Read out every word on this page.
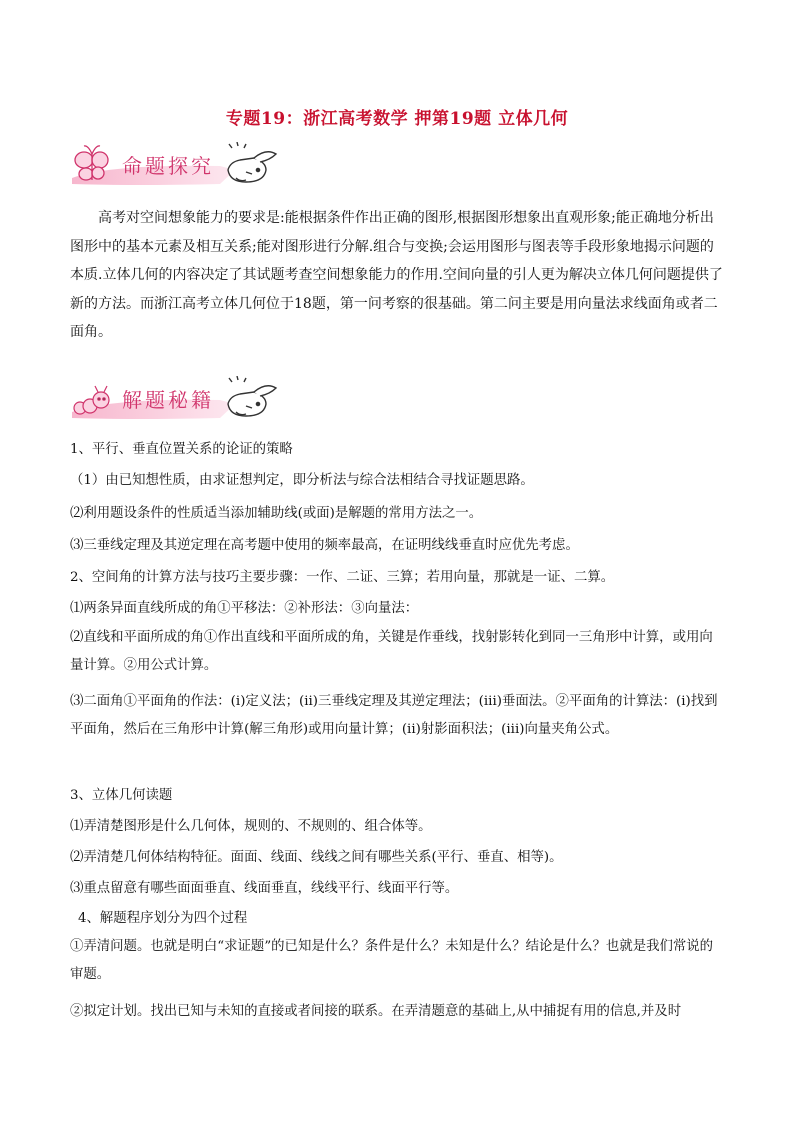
专题19：浙江高考数学 押第19题 立体几何
命题探究
高考对空间想象能力的要求是:能根据条件作出正确的图形,根据图形想象出直观形象;能正确地分析出图形中的基本元素及相互关系;能对图形进行分解.组合与变换;会运用图形与图表等手段形象地揭示问题的本质.立体几何的内容决定了其试题考查空间想象能力的作用.空间向量的引人更为解决立体几何问题提供了新的方法。而浙江高考立体几何位于18题，第一问考察的很基础。第二问主要是用向量法求线面角或者二面角。
解题秘籍
1、平行、垂直位置关系的论证的策略
（1）由已知想性质，由求证想判定，即分析法与综合法相结合寻找证题思路。
⑵利用题设条件的性质适当添加辅助线(或面)是解题的常用方法之一。
⑶三垂线定理及其逆定理在高考题中使用的频率最高，在证明线线垂直时应优先考虑。
2、空间角的计算方法与技巧主要步骤：一作、二证、三算；若用向量，那就是一证、二算。
⑴两条异面直线所成的角①平移法：②补形法：③向量法：
⑵直线和平面所成的角①作出直线和平面所成的角，关键是作垂线，找射影转化到同一三角形中计算，或用向量计算。②用公式计算。
⑶二面角①平面角的作法：(i)定义法；(ii)三垂线定理及其逆定理法；(iii)垂面法。②平面角的计算法：(i)找到平面角，然后在三角形中计算(解三角形)或用向量计算；(ii)射影面积法；(iii)向量夹角公式。
3、立体几何读题
⑴弄清楚图形是什么几何体，规则的、不规则的、组合体等。
⑵弄清楚几何体结构特征。面面、线面、线线之间有哪些关系(平行、垂直、相等)。
⑶重点留意有哪些面面垂直、线面垂直，线线平行、线面平行等。
4、解题程序划分为四个过程
①弄清问题。也就是明白“求证题”的已知是什么？条件是什么？未知是什么？结论是什么？也就是我们常说的审题。
②拟定计划。找出已知与未知的直接或者间接的联系。在弄清题意的基础上,从中捕捉有用的信息,并及时
